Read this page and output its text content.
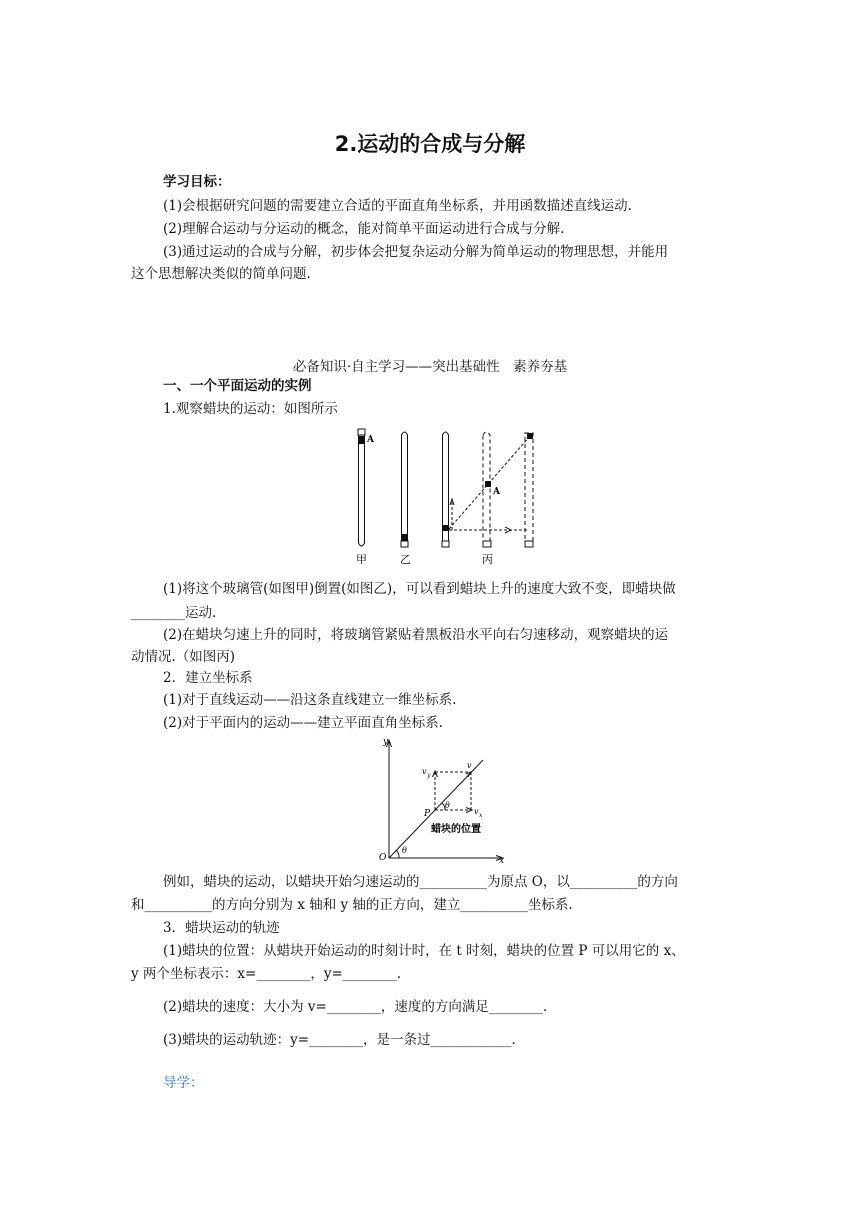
2.运动的合成与分解
学习目标：
(1)会根据研究问题的需要建立合适的平面直角坐标系，并用函数描述直线运动.
(2)理解合运动与分运动的概念，能对简单平面运动进行合成与分解.
(3)通过运动的合成与分解，初步体会把复杂运动分解为简单运动的物理思想，并能用
这个思想解决类似的简单问题.
必备知识·自主学习——突出基础性　素养夯基
一、一个平面运动的实例
1.观察蜡块的运动：如图所示
A
A
甲	乙	丙
(1)将这个玻璃管(如图甲)倒置(如图乙)，可以看到蜡块上升的速度大致不变，即蜡块做
________运动.
(2)在蜡块匀速上升的同时，将玻璃管紧贴着黑板沿水平向右匀速移动，观察蜡块的运
动情况.（如图丙)
2．建立坐标系
(1)对于直线运动——沿这条直线建立一维坐标系.
(2)对于平面内的运动——建立平面直角坐标系.
y
x
O
P
θ
θ
v y
v x
v
蜡块的位置
例如，蜡块的运动，以蜡块开始匀速运动的__________为原点 O，以__________的方向
和__________的方向分别为 x 轴和 y 轴的正方向，建立__________坐标系.
3．蜡块运动的轨迹
(1)蜡块的位置：从蜡块开始运动的时刻计时，在 t 时刻，蜡块的位置 P 可以用它的 x、
y 两个坐标表示：x=________，y=________.
(2)蜡块的速度：大小为 v=________，速度的方向满足________.
(3)蜡块的运动轨迹：y=________，是一条过____________.
导学：
